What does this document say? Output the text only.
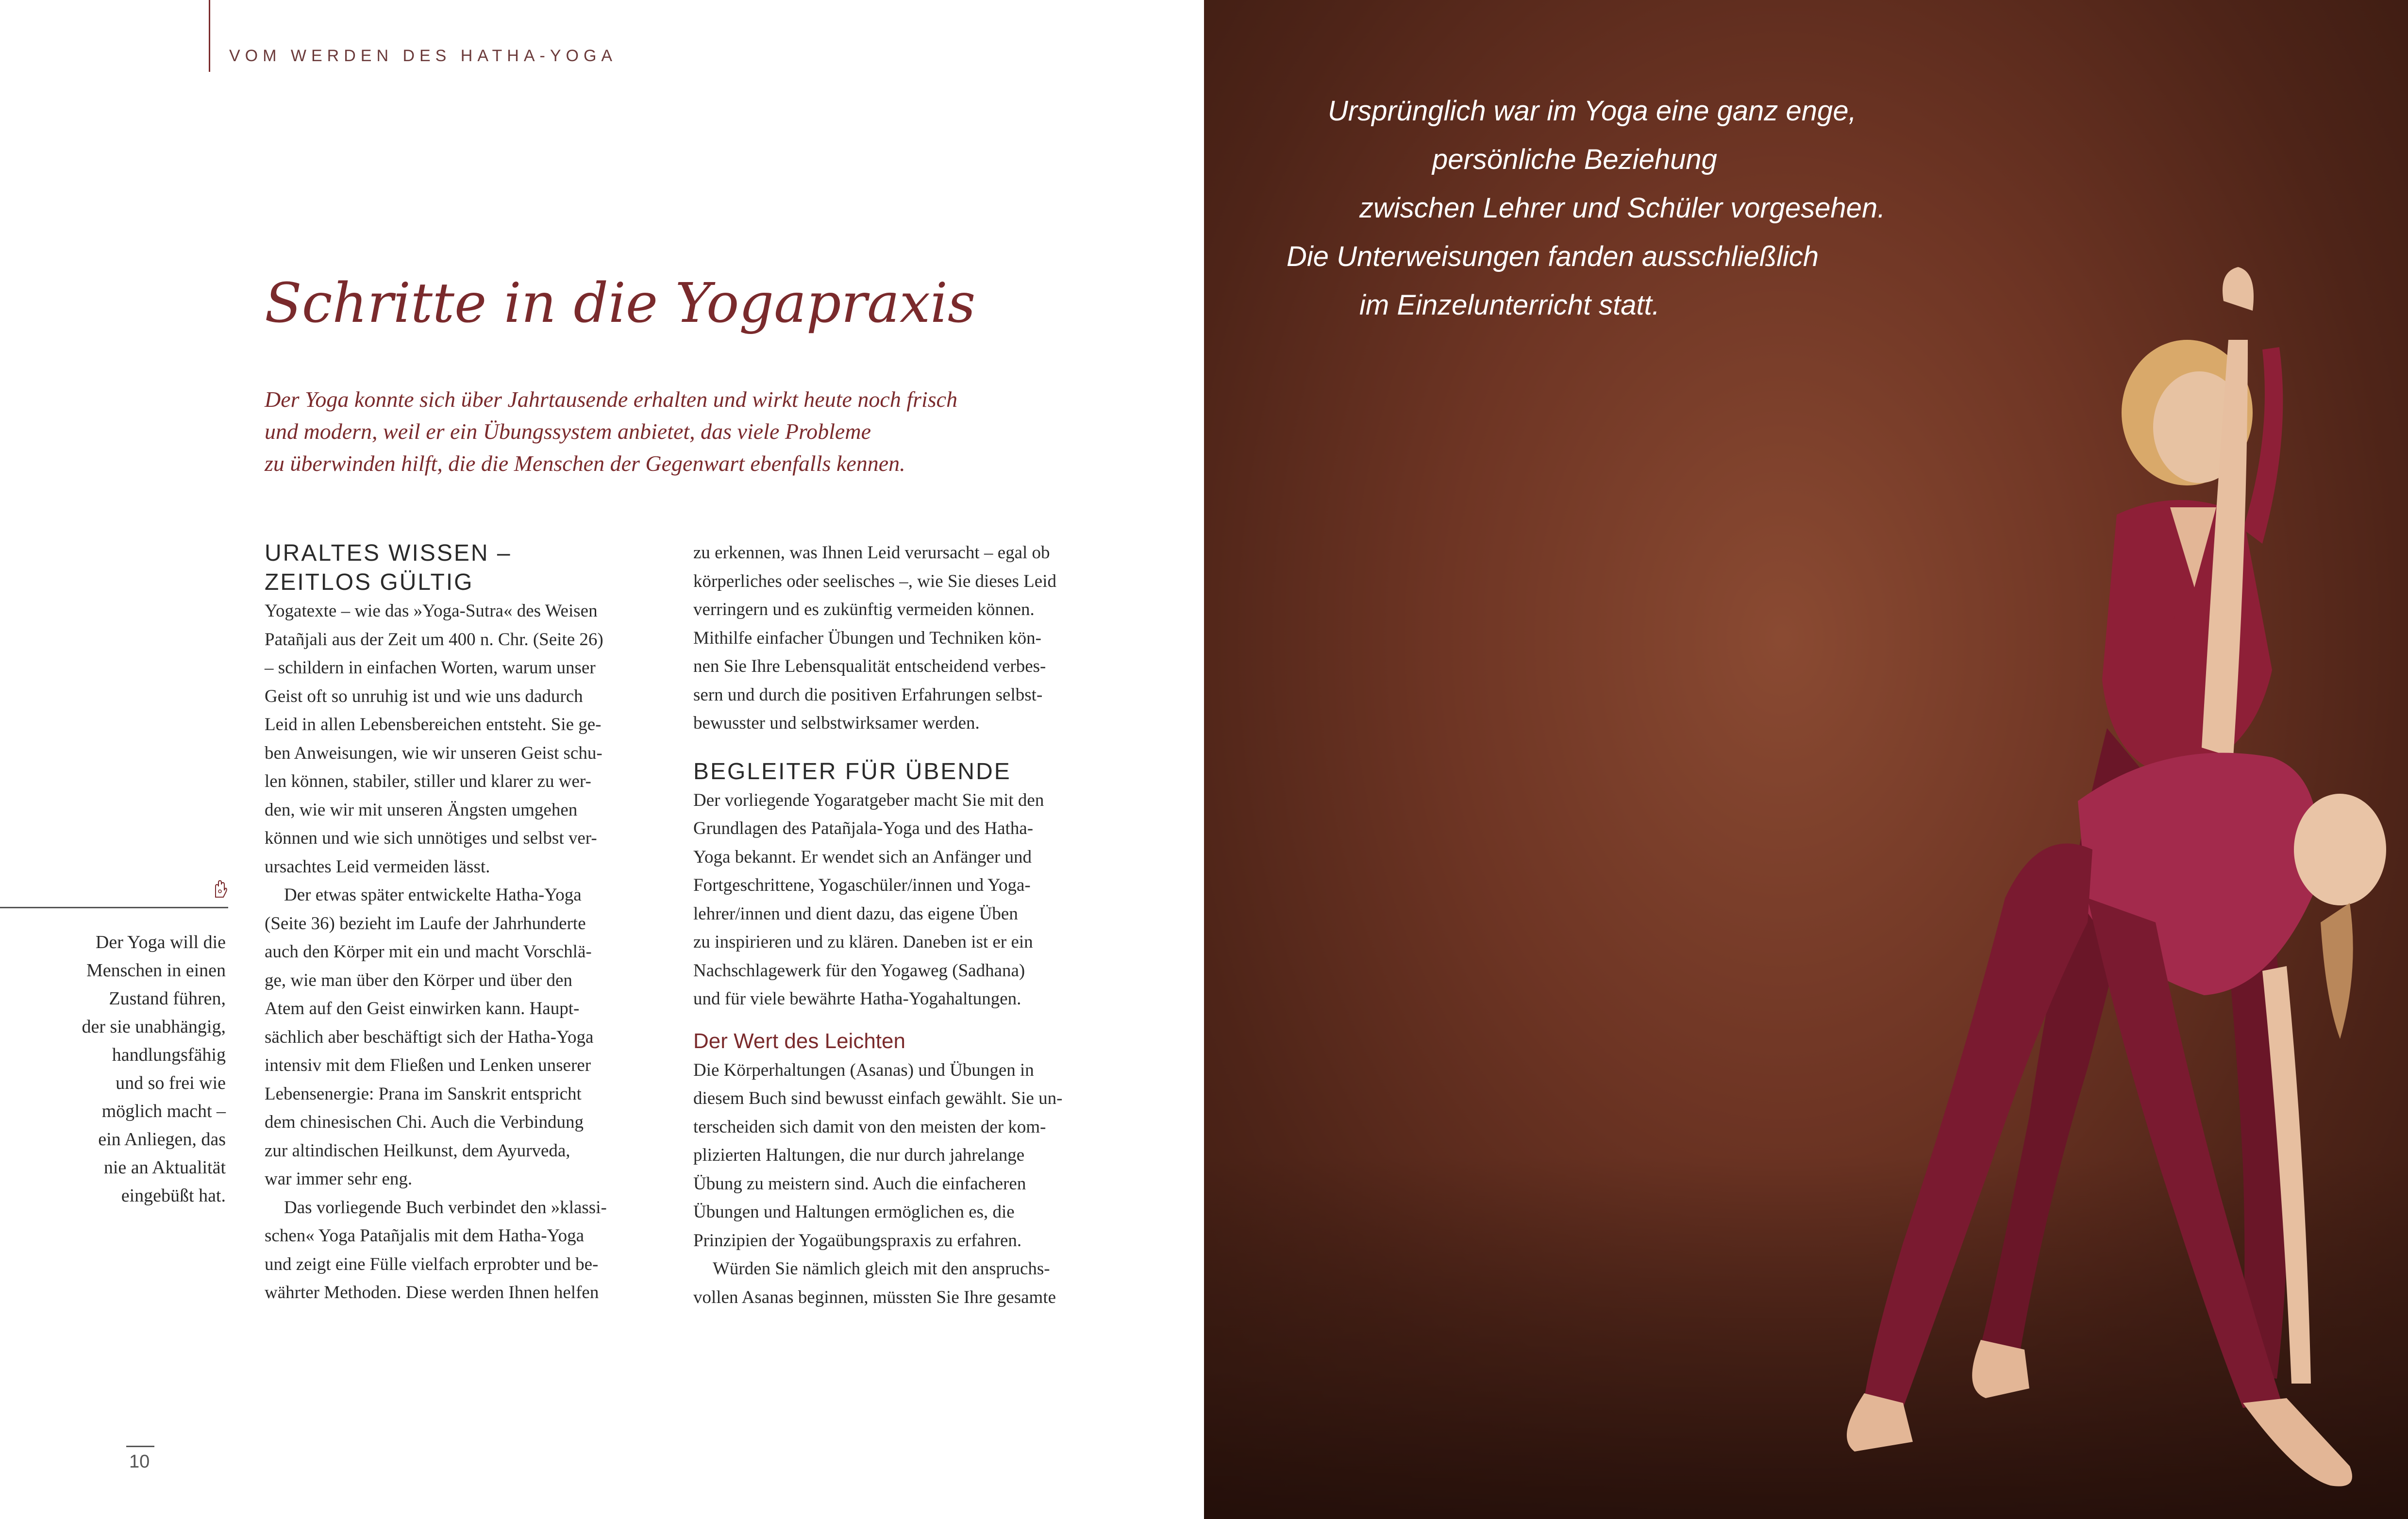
VOM WERDEN DES HATHA-YOGA
Schritte in die Yogapraxis
Der Yoga konnte sich über Jahrtausende erhalten und wirkt heute noch frisch
und modern, weil er ein Übungssystem anbietet, das viele Probleme
zu überwinden hilft, die die Menschen der Gegenwart ebenfalls kennen.
URALTES WISSEN –
ZEITLOS GÜLTIG
Yogatexte – wie das »Yoga-Sutra« des Weisen
Patañjali aus der Zeit um 400 n. Chr. (Seite 26)
– schildern in einfachen Worten, warum unser
Geist oft so unruhig ist und wie uns dadurch
Leid in allen Lebensbereichen entsteht. Sie ge-
ben Anweisungen, wie wir unseren Geist schu-
len können, stabiler, stiller und klarer zu wer-
den, wie wir mit unseren Ängsten umgehen
können und wie sich unnötiges und selbst ver-
ursachtes Leid vermeiden lässt.
Der etwas später entwickelte Hatha-Yoga
(Seite 36) bezieht im Laufe der Jahrhunderte
auch den Körper mit ein und macht Vorschlä-
ge, wie man über den Körper und über den
Atem auf den Geist einwirken kann. Haupt-
sächlich aber beschäftigt sich der Hatha-Yoga
intensiv mit dem Fließen und Lenken unserer
Lebensenergie: Prana im Sanskrit entspricht
dem chinesischen Chi. Auch die Verbindung
zur altindischen Heilkunst, dem Ayurveda,
war immer sehr eng.
Das vorliegende Buch verbindet den »klassi-
schen« Yoga Patañjalis mit dem Hatha-Yoga
und zeigt eine Fülle vielfach erprobter und be-
währter Methoden. Diese werden Ihnen helfen
zu erkennen, was Ihnen Leid verursacht – egal ob
körperliches oder seelisches –, wie Sie dieses Leid
verringern und es zukünftig vermeiden können.
Mithilfe einfacher Übungen und Techniken kön-
nen Sie Ihre Lebensqualität entscheidend verbes-
sern und durch die positiven Erfahrungen selbst-
bewusster und selbstwirksamer werden.
BEGLEITER FÜR ÜBENDE
Der vorliegende Yogaratgeber macht Sie mit den
Grundlagen des Patañjala-Yoga und des Hatha-
Yoga bekannt. Er wendet sich an Anfänger und
Fortgeschrittene, Yogaschüler/innen und Yoga-
lehrer/innen und dient dazu, das eigene Üben
zu inspirieren und zu klären. Daneben ist er ein
Nachschlagewerk für den Yogaweg (Sadhana)
und für viele bewährte Hatha-Yogahaltungen.
Der Wert des Leichten
Die Körperhaltungen (Asanas) und Übungen in
diesem Buch sind bewusst einfach gewählt. Sie un-
terscheiden sich damit von den meisten der kom-
plizierten Haltungen, die nur durch jahrelange
Übung zu meistern sind. Auch die einfacheren
Übungen und Haltungen ermöglichen es, die
Prinzipien der Yogaübungspraxis zu erfahren.
Würden Sie nämlich gleich mit den anspruchs-
vollen Asanas beginnen, müssten Sie Ihre gesamte
Der Yoga will die
Menschen in einen
Zustand führen,
der sie unabhängig,
handlungsfähig
und so frei wie
möglich macht –
ein Anliegen, das
nie an Aktualität
eingebüßt hat.
10
Ursprünglich war im Yoga eine ganz enge,
persönliche Beziehung
zwischen Lehrer und Schüler vorgesehen.
Die Unterweisungen fanden ausschließlich
im Einzelunterricht statt.
